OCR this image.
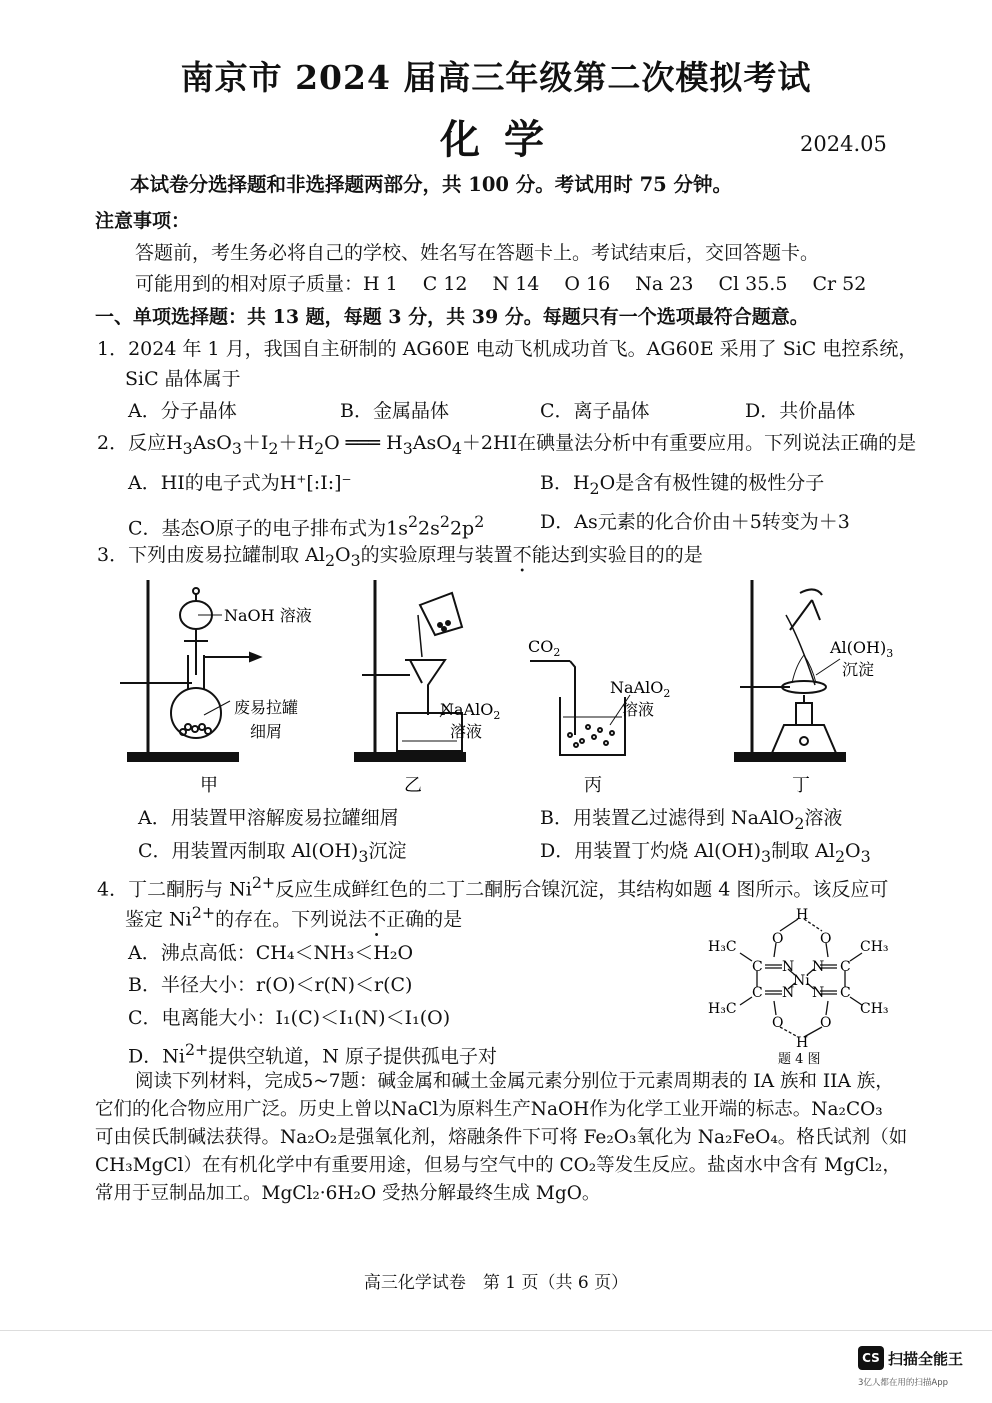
南京市 2024 届高三年级第二次模拟考试
化学	2024.05
本试卷分选择题和非选择题两部分，共 100 分。考试用时 75 分钟。
注意事项：
答题前，考生务必将自己的学校、姓名写在答题卡上。考试结束后，交回答题卡。
可能用到的相对原子质量：H 1　 C 12　 N 14　 O 16　 Na 23　 Cl 35.5　 Cr 52
一、单项选择题：共 13 题，每题 3 分，共 39 分。每题只有一个选项最符合题意。
1．2024 年 1 月，我国自主研制的 AG60E 电动飞机成功首飞。AG60E 采用了 SiC 电控系统，
SiC 晶体属于
A．分子晶体	B．金属晶体	C．离子晶体	D．共价晶体
2．反应$H_3AsO_3+I_2+H_2O$ ═══ $H_3AsO_4+2HI$在碘量法分析中有重要应用。下列说法正确的是
A．HI的电子式为H⁺[:I:]⁻	B．$H_2O$是含有极性键的极性分子
C．基态O原子的电子排布式为$1s^22s^22p^2$	D．As元素的化合价由＋5转变为＋3
3．下列由废易拉罐制取 $Al_2O_3$的实验原理与装置不能达到实验目的的是
NaOH 溶液
废易拉罐
细屑
NaAlO$_2$
溶液
$CO_2$
NaAlO$_2$
溶液
$Al(OH)_3$
沉淀
甲	乙	丙	丁
A．用装置甲溶解废易拉罐细屑	B．用装置乙过滤得到 NaAlO$_2$溶液
C．用装置丙制取 $Al(OH)_3$沉淀	D．用装置丁灼烧 $Al(OH)_3$制取 $Al_2O_3$
4．丁二酮肟与 $Ni^{2+}$反应生成鲜红色的二丁二酮肟合镍沉淀，其结构如题 4 图所示。该反应可
鉴定 $Ni^{2+}$的存在。下列说法不正确的是
A．沸点高低：CH₄＜NH₃＜H₂O
B．半径大小：r(O)＜r(N)＜r(C)
C．电离能大小：I₁(C)＜I₁(N)＜I₁(O)
D．$Ni^{2+}$提供空轨道，N 原子提供孤电子对
H
O	O
H₃C	CH₃
C N
Ni
N C
C N N C
H₃C	CH₃
O	O
H
题 4 图
阅读下列材料，完成5~7题：碱金属和碱土金属元素分别位于元素周期表的 IA 族和 IIA 族，
它们的化合物应用广泛。历史上曾以NaCl为原料生产NaOH作为化学工业开端的标志。Na₂CO₃
可由侯氏制碱法获得。Na₂O₂是强氧化剂，熔融条件下可将 Fe₂O₃氧化为 Na₂FeO₄。格氏试剂（如
CH₃MgCl）在有机化学中有重要用途，但易与空气中的 CO₂等发生反应。盐卤水中含有 MgCl₂，
常用于豆制品加工。MgCl₂·6H₂O 受热分解最终生成 MgO。
高三化学试卷　第 1 页（共 6 页）
CS 扫描全能王
3亿人都在用的扫描App
